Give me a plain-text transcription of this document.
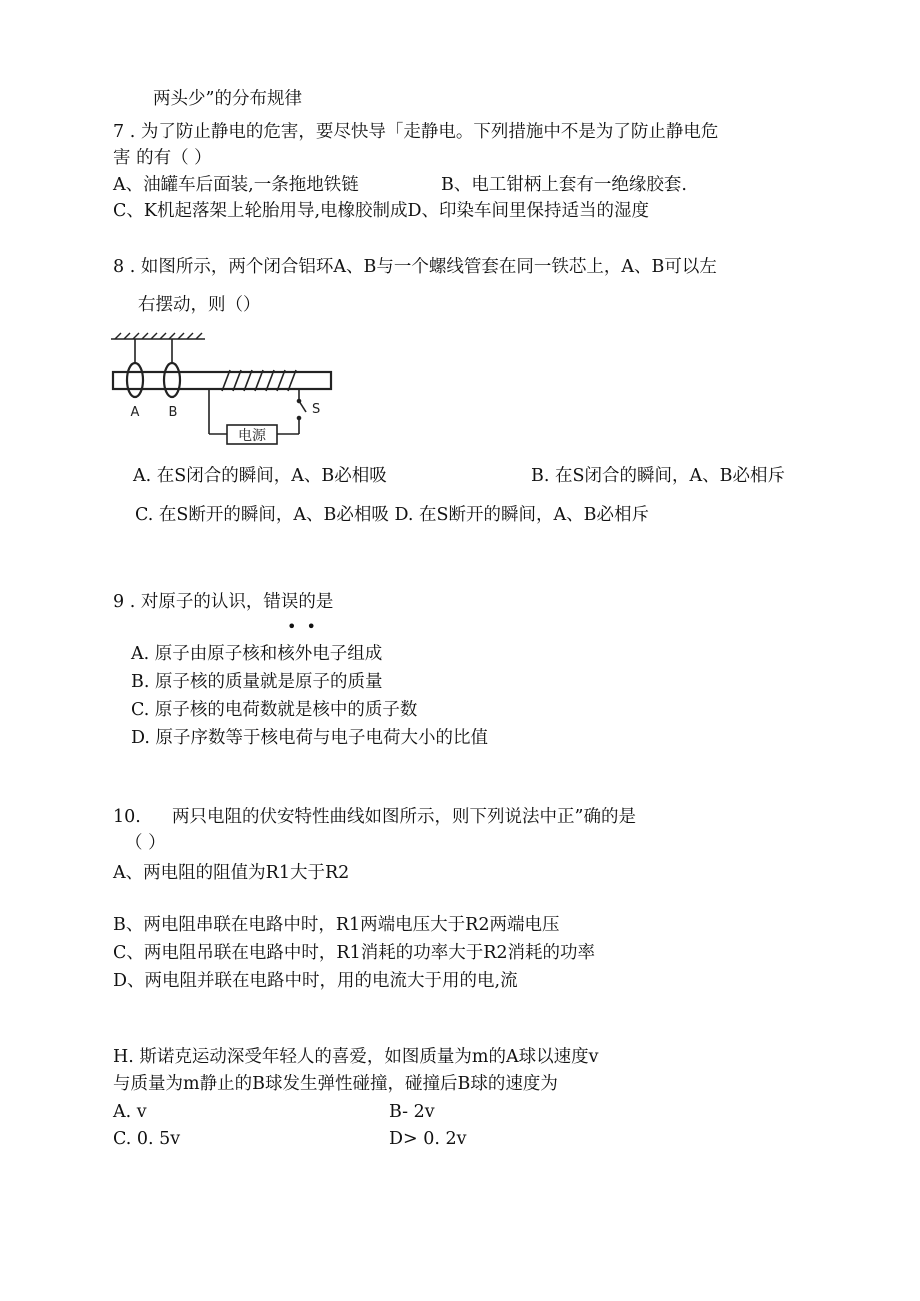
两头少”的分布规律
7 . 为了防止静电的危害，要尽快导「走静电。下列措施中不是为了防止静电危
害 的有（ ）
A、油罐车后面装,一条拖地铁链	B、电工钳柄上套有一绝缘胶套.
C、K机起落架上轮胎用导,电橡胶制成D、印染车间里保持适当的湿度
8 . 如图所示，两个闭合铝环A、B与一个螺线管套在同一铁芯上，A、B可以左
右摆动，则（）
电源
A B	S
A. 在S闭合的瞬间，A、B必相吸	B. 在S闭合的瞬间，A、B必相斥
C. 在S断开的瞬间，A、B必相吸 D. 在S断开的瞬间，A、B必相斥
9 . 对原子的认识，错误的是
••
A. 原子由原子核和核外电子组成
B. 原子核的质量就是原子的质量
C. 原子核的电荷数就是核中的质子数
D. 原子序数等于核电荷与电子电荷大小的比值
10. 两只电阻的伏安特性曲线如图所示，则下列说法中正”确的是
（ ）
A、两电阻的阻值为R1大于R2
B、两电阻串联在电路中时，R1两端电压大于R2两端电压
C、两电阻吊联在电路中时，R1消耗的功率大于R2消耗的功率
D、两电阻并联在电路中时，用的电流大于用的电,流
H. 斯诺克运动深受年轻人的喜爱，如图质量为m的A球以速度v
与质量为m静止的B球发生弹性碰撞，碰撞后B球的速度为
A. v	B- 2v
C. 0. 5v	D> 0. 2v
